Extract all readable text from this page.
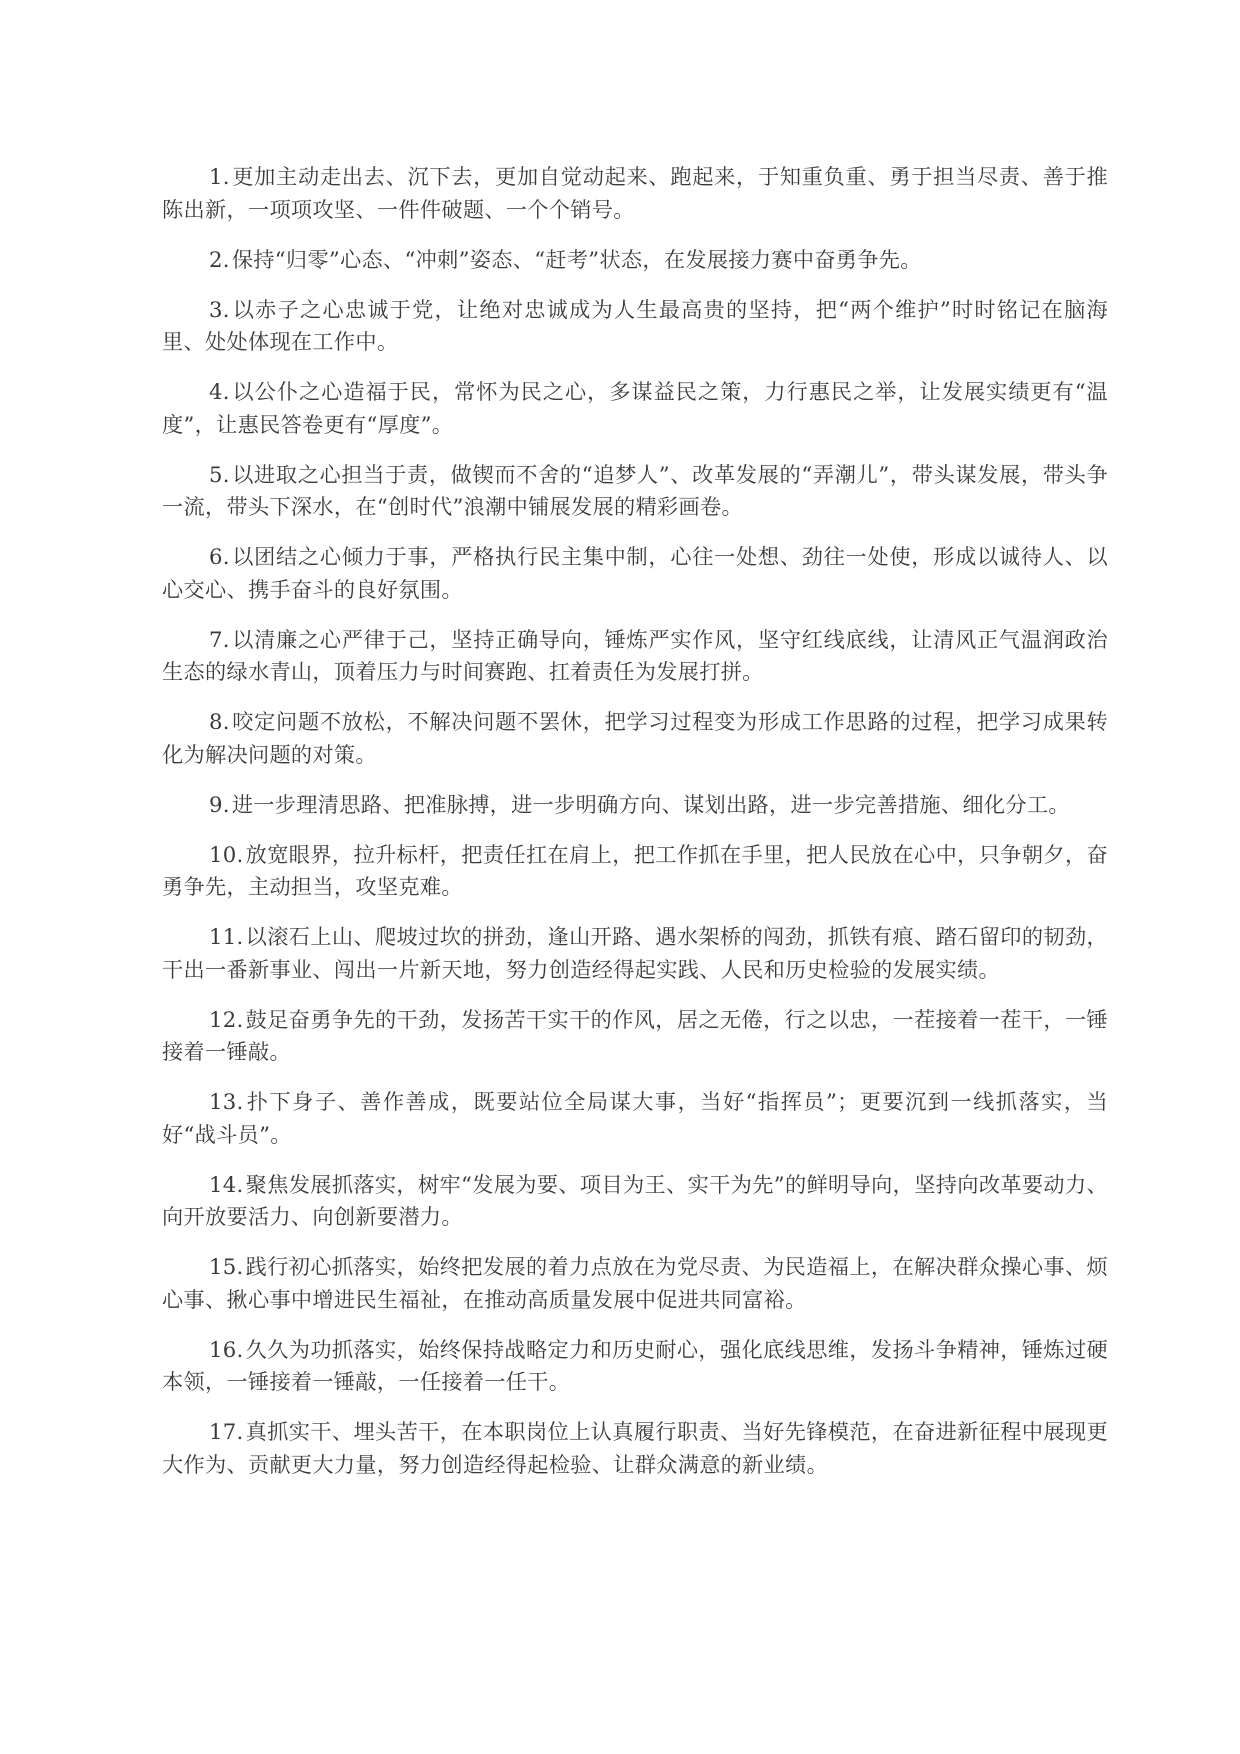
1.更加主动走出去、沉下去，更加自觉动起来、跑起来，于知重负重、勇于担当尽责、善于推陈出新，一项项攻坚、一件件破题、一个个销号。

2.保持“归零”心态、“冲刺”姿态、“赶考”状态，在发展接力赛中奋勇争先。

3.以赤子之心忠诚于党，让绝对忠诚成为人生最高贵的坚持，把“两个维护”时时铭记在脑海里、处处体现在工作中。

4.以公仆之心造福于民，常怀为民之心，多谋益民之策，力行惠民之举，让发展实绩更有“温度”，让惠民答卷更有“厚度”。

5.以进取之心担当于责，做锲而不舍的“追梦人”、改革发展的“弄潮儿”，带头谋发展，带头争一流，带头下深水，在“创时代”浪潮中铺展发展的精彩画卷。

6.以团结之心倾力于事，严格执行民主集中制，心往一处想、劲往一处使，形成以诚待人、以心交心、携手奋斗的良好氛围。

7.以清廉之心严律于己，坚持正确导向，锤炼严实作风，坚守红线底线，让清风正气温润政治生态的绿水青山，顶着压力与时间赛跑、扛着责任为发展打拼。

8.咬定问题不放松，不解决问题不罢休，把学习过程变为形成工作思路的过程，把学习成果转化为解决问题的对策。

9.进一步理清思路、把准脉搏，进一步明确方向、谋划出路，进一步完善措施、细化分工。

10.放宽眼界，拉升标杆，把责任扛在肩上，把工作抓在手里，把人民放在心中，只争朝夕，奋勇争先，主动担当，攻坚克难。

11.以滚石上山、爬坡过坎的拼劲，逢山开路、遇水架桥的闯劲，抓铁有痕、踏石留印的韧劲，干出一番新事业、闯出一片新天地，努力创造经得起实践、人民和历史检验的发展实绩。

12.鼓足奋勇争先的干劲，发扬苦干实干的作风，居之无倦，行之以忠，一茬接着一茬干，一锤接着一锤敲。

13.扑下身子、善作善成，既要站位全局谋大事，当好“指挥员”；更要沉到一线抓落实，当好“战斗员”。

14.聚焦发展抓落实，树牢“发展为要、项目为王、实干为先”的鲜明导向，坚持向改革要动力、向开放要活力、向创新要潜力。

15.践行初心抓落实，始终把发展的着力点放在为党尽责、为民造福上，在解决群众操心事、烦心事、揪心事中增进民生福祉，在推动高质量发展中促进共同富裕。

16.久久为功抓落实，始终保持战略定力和历史耐心，强化底线思维，发扬斗争精神，锤炼过硬本领，一锤接着一锤敲，一任接着一任干。

17.真抓实干、埋头苦干，在本职岗位上认真履行职责、当好先锋模范，在奋进新征程中展现更大作为、贡献更大力量，努力创造经得起检验、让群众满意的新业绩。
